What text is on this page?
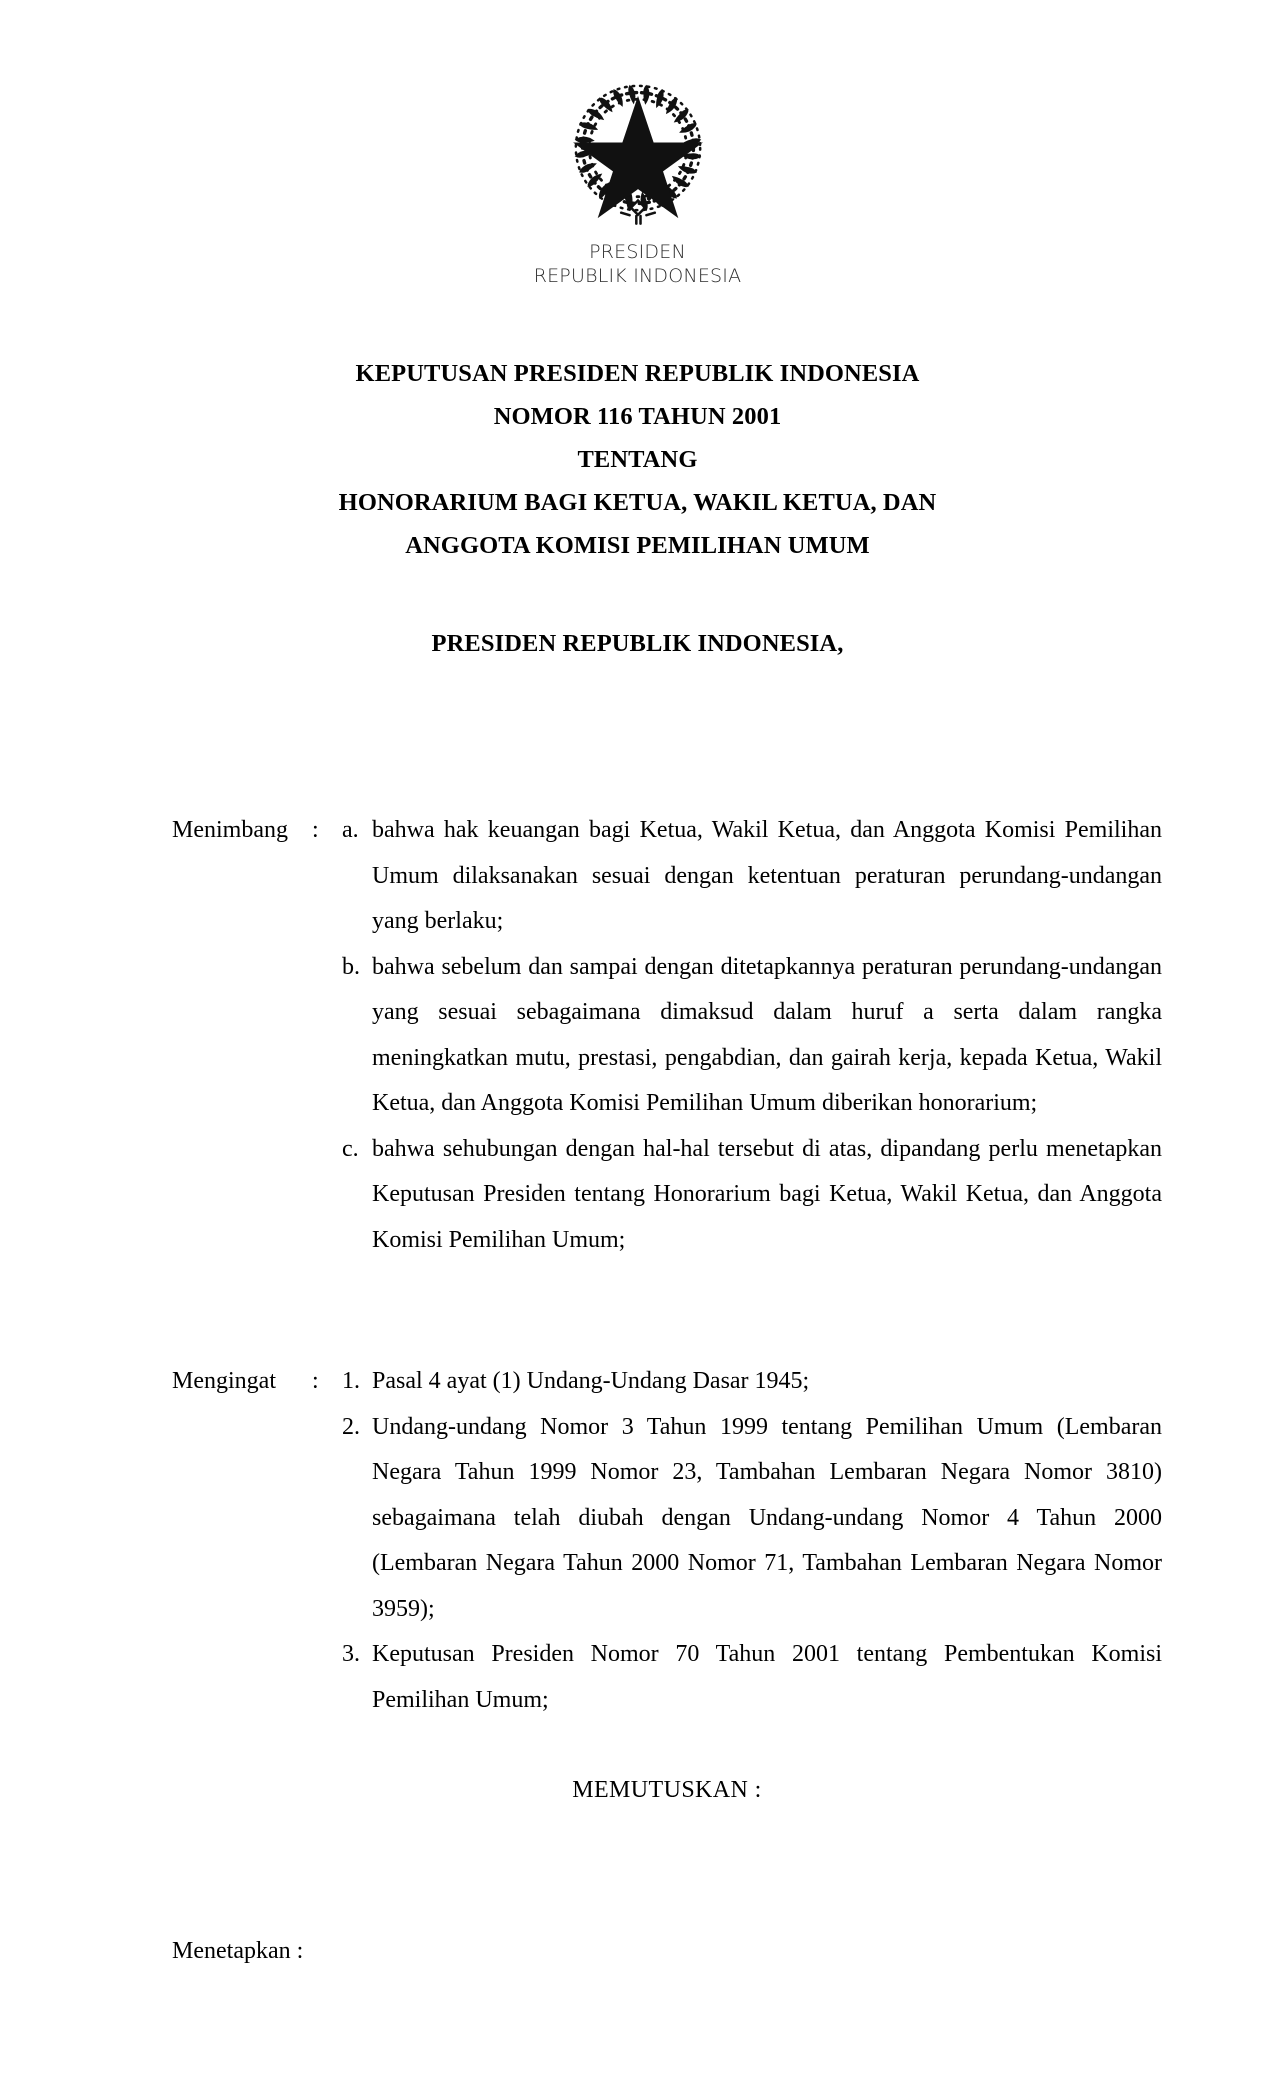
PRESIDEN
REPUBLIK INDONESIA
KEPUTUSAN PRESIDEN REPUBLIK INDONESIA
NOMOR 116 TAHUN 2001
TENTANG
HONORARIUM BAGI KETUA, WAKIL KETUA, DAN
ANGGOTA KOMISI PEMILIHAN UMUM
PRESIDEN REPUBLIK INDONESIA,
Menimbang	: a. bahwa hak keuangan bagi Ketua, Wakil Ketua, dan Anggota Komisi Pemilihan Umum dilaksanakan sesuai dengan ketentuan peraturan perundang-undangan yang berlaku;
b. bahwa sebelum dan sampai dengan ditetapkannya peraturan perundang-undangan yang sesuai sebagaimana dimaksud dalam huruf a serta dalam rangka meningkatkan mutu, prestasi, pengabdian, dan gairah kerja, kepada Ketua, Wakil Ketua, dan Anggota Komisi Pemilihan Umum diberikan honorarium;
c. bahwa sehubungan dengan hal-hal tersebut di atas, dipandang perlu menetapkan Keputusan Presiden tentang Honorarium bagi Ketua, Wakil Ketua, dan Anggota Komisi Pemilihan Umum;
Mengingat	: 1. Pasal 4 ayat (1) Undang-Undang Dasar 1945;
2. Undang-undang Nomor 3 Tahun 1999 tentang Pemilihan Umum (Lembaran Negara Tahun 1999 Nomor 23, Tambahan Lembaran Negara Nomor 3810) sebagaimana telah diubah dengan Undang-undang Nomor 4 Tahun 2000 (Lembaran Negara Tahun 2000 Nomor 71, Tambahan Lembaran Negara Nomor 3959);
3. Keputusan Presiden Nomor 70 Tahun 2001 tentang Pembentukan Komisi Pemilihan Umum;
MEMUTUSKAN :
Menetapkan :
